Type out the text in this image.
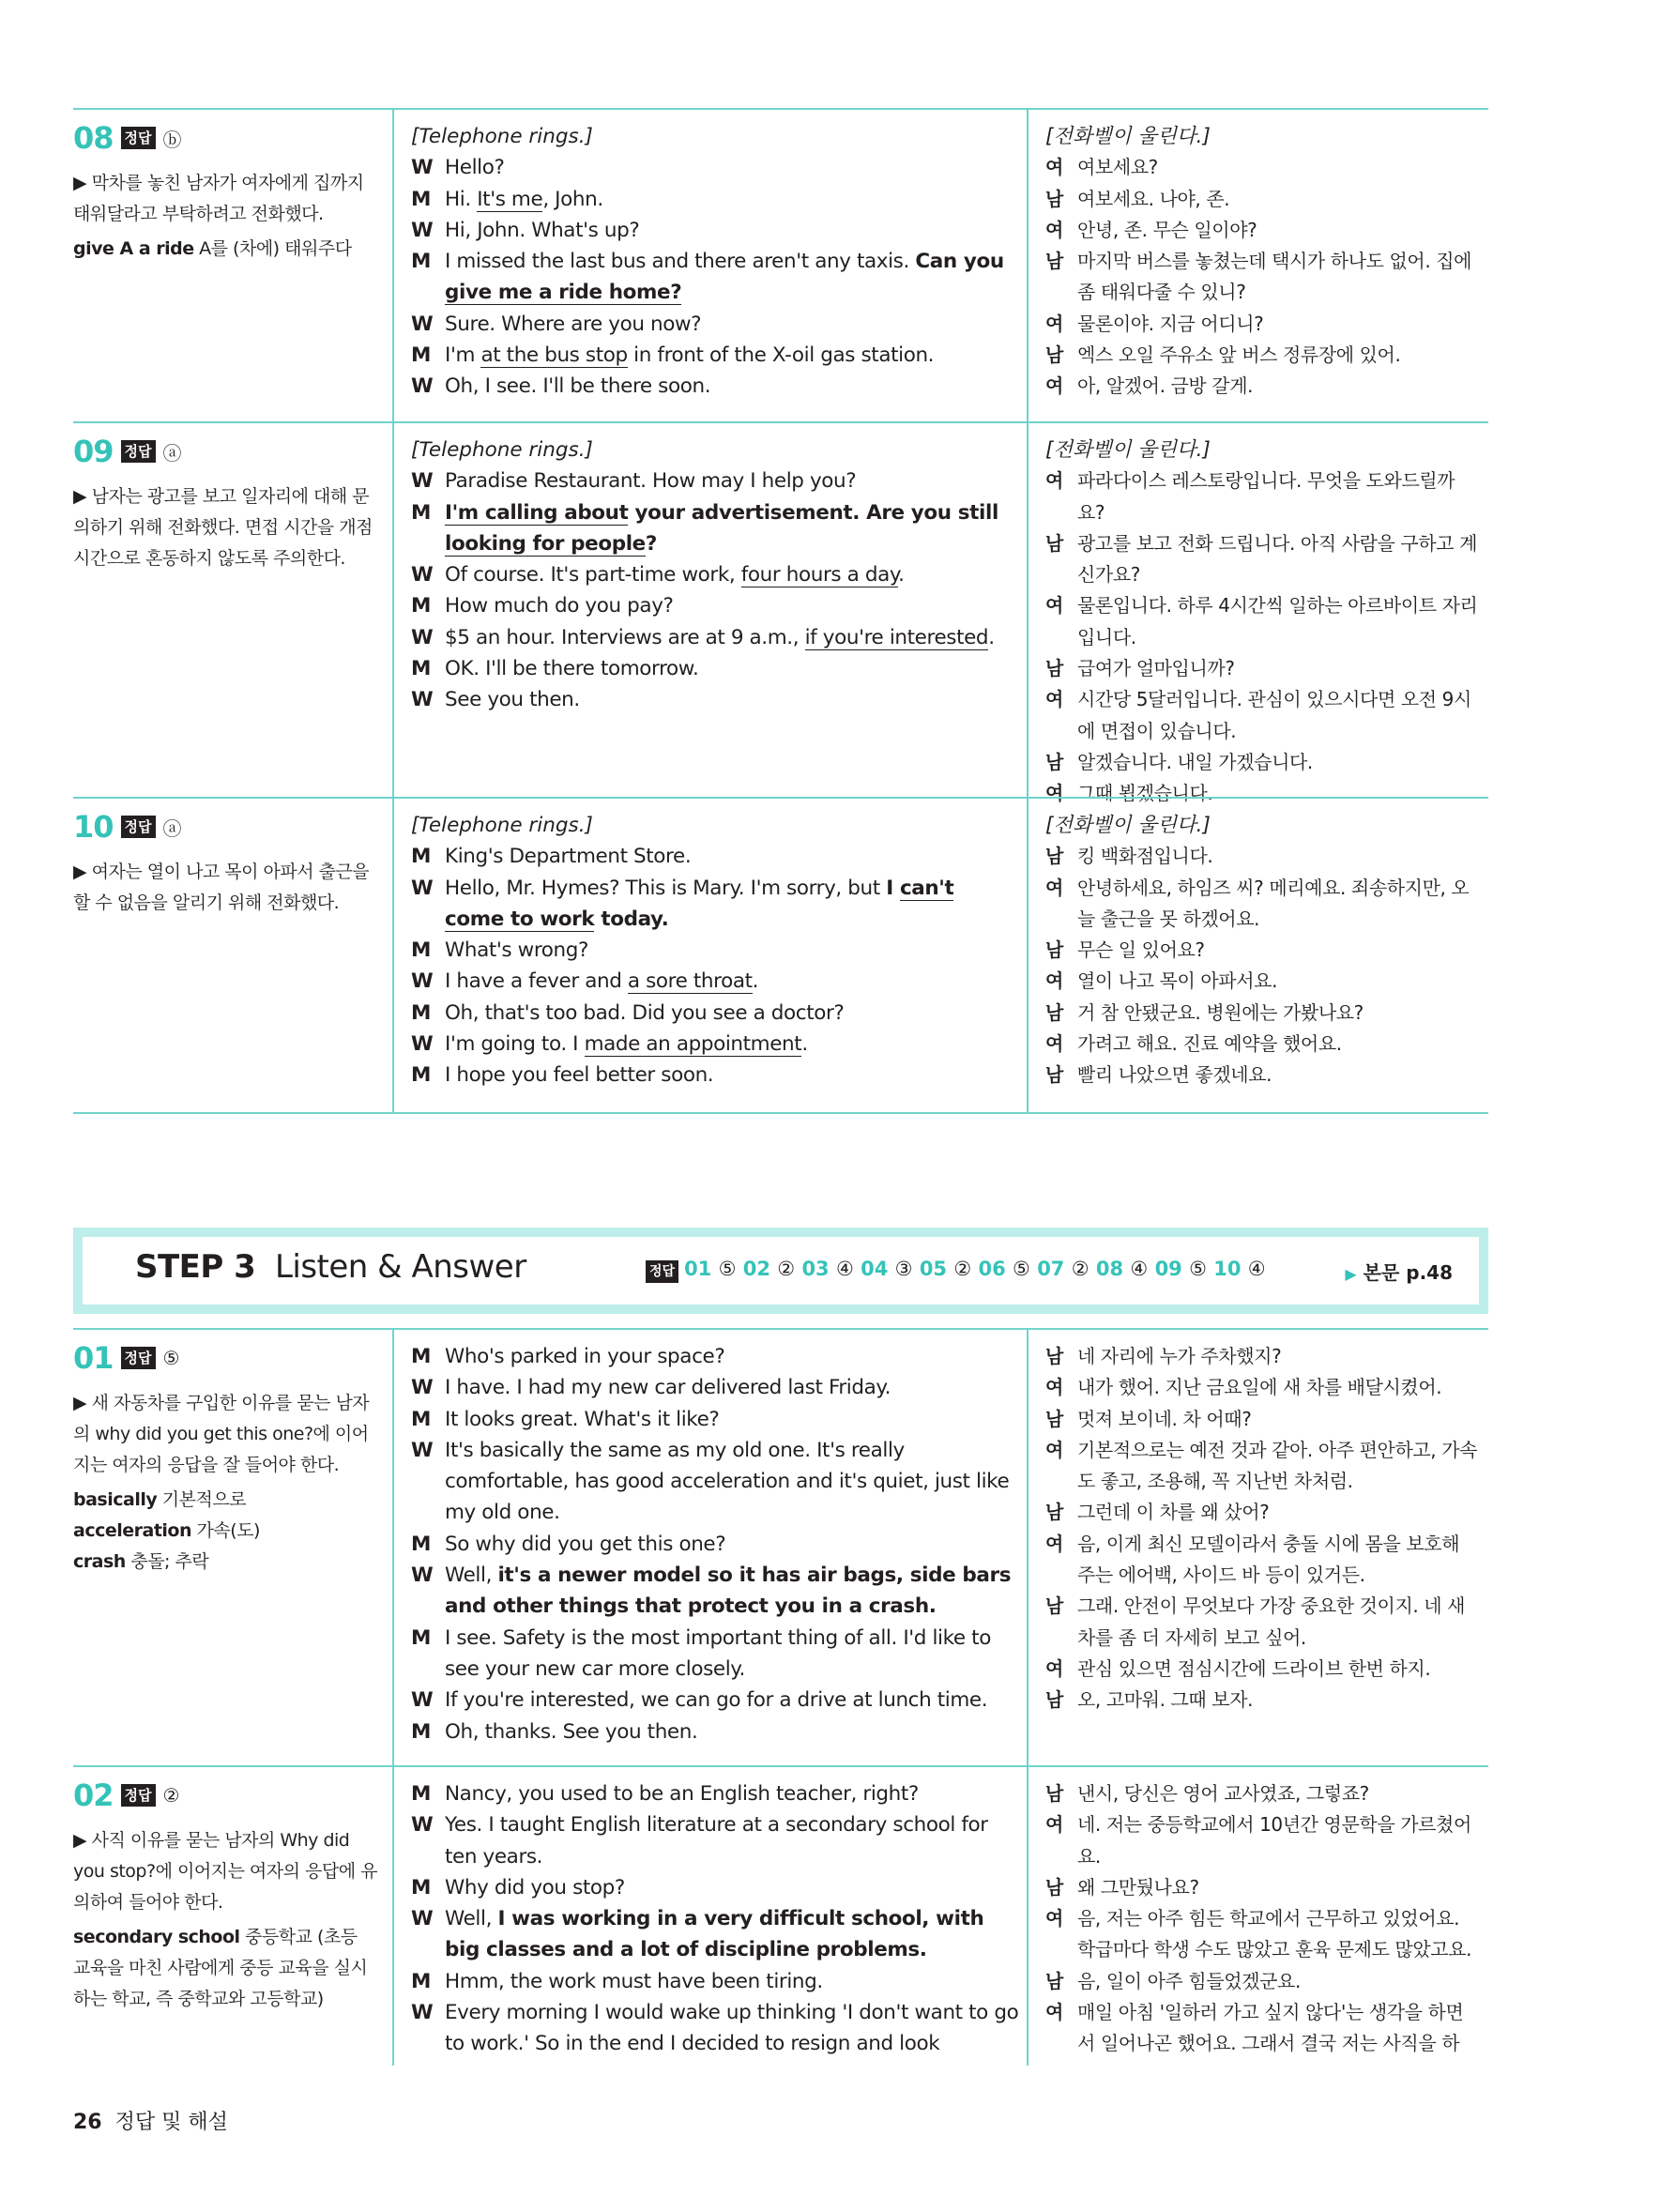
08 정답 ⓑ
▶ 막차를 놓친 남자가 여자에게 집까지 태워달라고 부탁하려고 전화했다.
give A a ride A를 (차에) 태워주다
[Telephone rings.]
W Hello?
M Hi. It's me, John.
W Hi, John. What's up?
M I missed the last bus and there aren't any taxis. Can you
give me a ride home?
W Sure. Where are you now?
M I'm at the bus stop in front of the X-oil gas station.
W Oh, I see. I'll be there soon.
[전화벨이 울린다.]
여 여보세요?
남 여보세요. 나야, 존.
여 안녕, 존. 무슨 일이야?
남 마지막 버스를 놓쳤는데 택시가 하나도 없어. 집에 좀 태워다줄 수 있니?
여 물론이야. 지금 어디니?
남 엑스 오일 주유소 앞 버스 정류장에 있어.
여 아, 알겠어. 금방 갈게.
09 정답 ⓐ
▶ 남자는 광고를 보고 일자리에 대해 문의하기 위해 전화했다. 면접 시간을 개점 시간으로 혼동하지 않도록 주의한다.
[Telephone rings.]
W Paradise Restaurant. How may I help you?
M I'm calling about your advertisement. Are you still
looking for people?
W Of course. It's part-time work, four hours a day.
M How much do you pay?
W $5 an hour. Interviews are at 9 a.m., if you're interested.
M OK. I'll be there tomorrow.
W See you then.
[전화벨이 울린다.]
여 파라다이스 레스토랑입니다. 무엇을 도와드릴까요?
남 광고를 보고 전화 드립니다. 아직 사람을 구하고 계신가요?
여 물론입니다. 하루 4시간씩 일하는 아르바이트 자리입니다.
남 급여가 얼마입니까?
여 시간당 5달러입니다. 관심이 있으시다면 오전 9시에 면접이 있습니다.
남 알겠습니다. 내일 가겠습니다.
여 그때 뵙겠습니다.
10 정답 ⓐ
▶ 여자는 열이 나고 목이 아파서 출근을 할 수 없음을 알리기 위해 전화했다.
[Telephone rings.]
M King's Department Store.
W Hello, Mr. Hymes? This is Mary. I'm sorry, but I can't
come to work today.
M What's wrong?
W I have a fever and a sore throat.
M Oh, that's too bad. Did you see a doctor?
W I'm going to. I made an appointment.
M I hope you feel better soon.
[전화벨이 울린다.]
남 킹 백화점입니다.
여 안녕하세요, 하임즈 씨? 메리예요. 죄송하지만, 오늘 출근을 못 하겠어요.
남 무슨 일 있어요?
여 열이 나고 목이 아파서요.
남 거 참 안됐군요. 병원에는 가봤나요?
여 가려고 해요. 진료 예약을 했어요.
남 빨리 나았으면 좋겠네요.
STEP 3 Listen & Answer	정답 01 ⑤ 02 ② 03 ④ 04 ③ 05 ② 06 ⑤ 07 ② 08 ④ 09 ⑤ 10 ④	▶ 본문 p.48
01 정답 ⑤
▶ 새 자동차를 구입한 이유를 묻는 남자의 why did you get this one?에 이어지는 여자의 응답을 잘 들어야 한다.
basically 기본적으로
acceleration 가속(도)
crash 충돌; 추락
M Who's parked in your space?
W I have. I had my new car delivered last Friday.
M It looks great. What's it like?
W It's basically the same as my old one. It's really comfortable, has good acceleration and it's quiet, just like my old one.
M So why did you get this one?
W Well, it's a newer model so it has air bags, side bars and other things that protect you in a crash.
M I see. Safety is the most important thing of all. I'd like to see your new car more closely.
W If you're interested, we can go for a drive at lunch time.
M Oh, thanks. See you then.
남 네 자리에 누가 주차했지?
여 내가 했어. 지난 금요일에 새 차를 배달시켰어.
남 멋져 보이네. 차 어때?
여 기본적으로는 예전 것과 같아. 아주 편안하고, 가속도 좋고, 조용해, 꼭 지난번 차처럼.
남 그런데 이 차를 왜 샀어?
여 음, 이게 최신 모델이라서 충돌 시에 몸을 보호해 주는 에어백, 사이드 바 등이 있거든.
남 그래. 안전이 무엇보다 가장 중요한 것이지. 네 새 차를 좀 더 자세히 보고 싶어.
여 관심 있으면 점심시간에 드라이브 한번 하지.
남 오, 고마워. 그때 보자.
02 정답 ②
▶ 사직 이유를 묻는 남자의 Why did you stop?에 이어지는 여자의 응답에 유의하여 들어야 한다.
secondary school 중등학교 (초등 교육을 마친 사람에게 중등 교육을 실시하는 학교, 즉 중학교와 고등학교)
M Nancy, you used to be an English teacher, right?
W Yes. I taught English literature at a secondary school for ten years.
M Why did you stop?
W Well, I was working in a very difficult school, with big classes and a lot of discipline problems.
M Hmm, the work must have been tiring.
W Every morning I would wake up thinking 'I don't want to go to work.' So in the end I decided to resign and look
남 낸시, 당신은 영어 교사였죠, 그렇죠?
여 네. 저는 중등학교에서 10년간 영문학을 가르쳤어요.
남 왜 그만뒀나요?
여 음, 저는 아주 힘든 학교에서 근무하고 있었어요. 학급마다 학생 수도 많았고 훈육 문제도 많았고요.
남 음, 일이 아주 힘들었겠군요.
여 매일 아침 '일하러 가고 싶지 않다'는 생각을 하면서 일어나곤 했어요. 그래서 결국 저는 사직을 하
26 정답 및 해설
